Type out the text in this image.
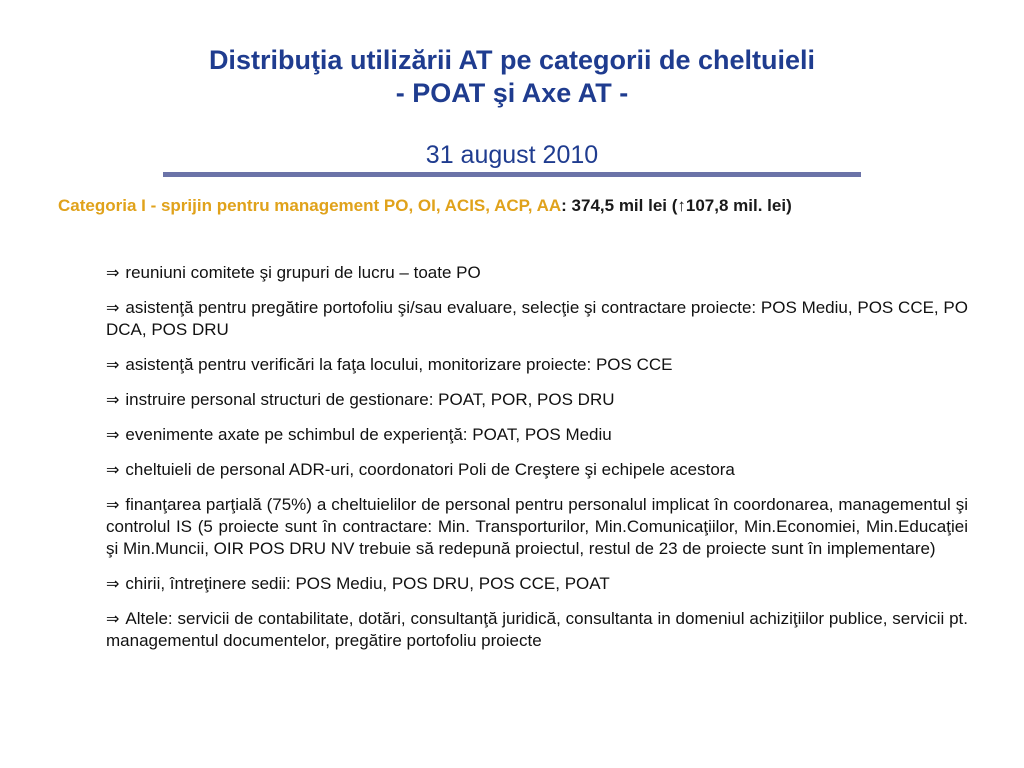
Distribuţia utilizării AT pe categorii de cheltuieli
- POAT şi Axe AT -
31 august 2010
Categoria I - sprijin pentru management PO, OI, ACIS, ACP, AA: 374,5 mil lei (↑107,8 mil. lei)
⇒ reuniuni comitete şi grupuri de lucru – toate PO
⇒ asistenţă pentru pregătire portofoliu şi/sau evaluare, selecţie şi contractare proiecte: POS Mediu, POS CCE, PO DCA, POS DRU
⇒ asistenţă pentru verificări la faţa locului, monitorizare proiecte: POS CCE
⇒ instruire personal structuri de gestionare: POAT, POR, POS DRU
⇒ evenimente axate pe schimbul de experienţă: POAT, POS Mediu
⇒ cheltuieli de personal ADR-uri, coordonatori Poli de Creştere şi echipele acestora
⇒ finanţarea parţială (75%) a cheltuielilor de personal pentru personalul implicat în coordonarea, managementul şi controlul IS (5 proiecte sunt în contractare: Min. Transporturilor, Min.Comunicaţiilor, Min.Economiei, Min.Educaţiei şi Min.Muncii, OIR POS DRU NV trebuie să redepună proiectul, restul de 23 de proiecte sunt în implementare)
⇒ chirii, întreţinere sedii: POS Mediu, POS DRU, POS CCE, POAT
⇒ Altele: servicii de contabilitate, dotări, consultanţă juridică, consultanta in domeniul achiziţiilor publice, servicii pt. managementul documentelor, pregătire portofoliu proiecte
